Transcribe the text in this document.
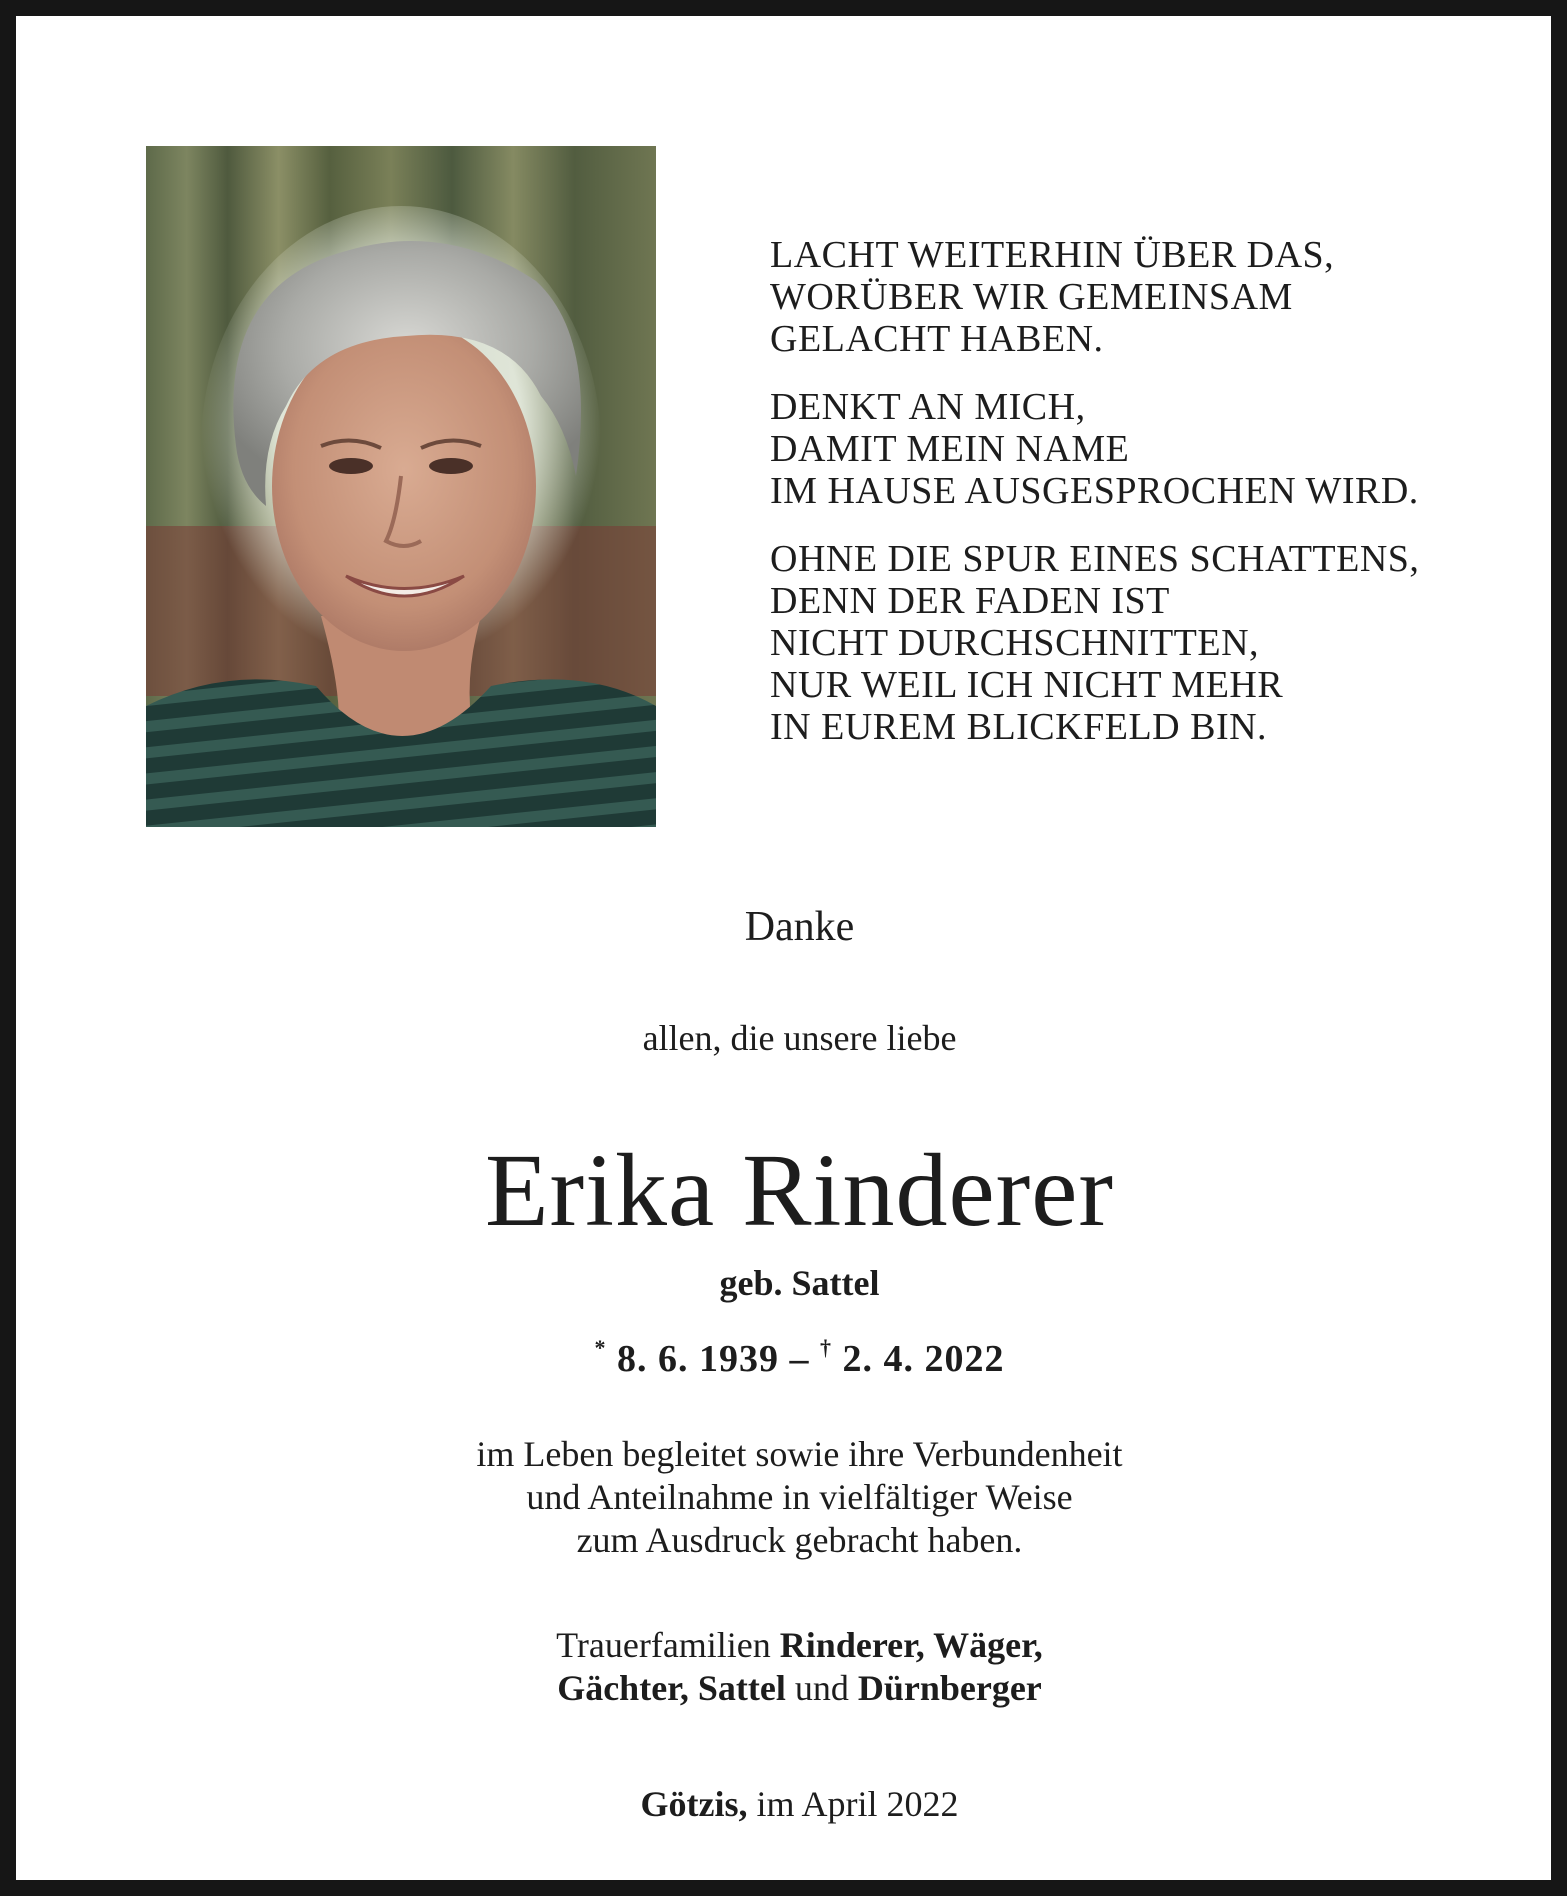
LACHT WEITERHIN ÜBER DAS,
WORÜBER WIR GEMEINSAM
GELACHT HABEN.
DENKT AN MICH,
DAMIT MEIN NAME
IM HAUSE AUSGESPROCHEN WIRD.
OHNE DIE SPUR EINES SCHATTENS,
DENN DER FADEN IST
NICHT DURCHSCHNITTEN,
NUR WEIL ICH NICHT MEHR
IN EUREM BLICKFELD BIN.
Danke
allen, die unsere liebe
Erika Rinderer
geb. Sattel
* 8. 6. 1939 – † 2. 4. 2022
im Leben begleitet sowie ihre Verbundenheit
und Anteilnahme in vielfältiger Weise
zum Ausdruck gebracht haben.
Trauerfamilien Rinderer, Wäger,
Gächter, Sattel und Dürnberger
Götzis, im April 2022
